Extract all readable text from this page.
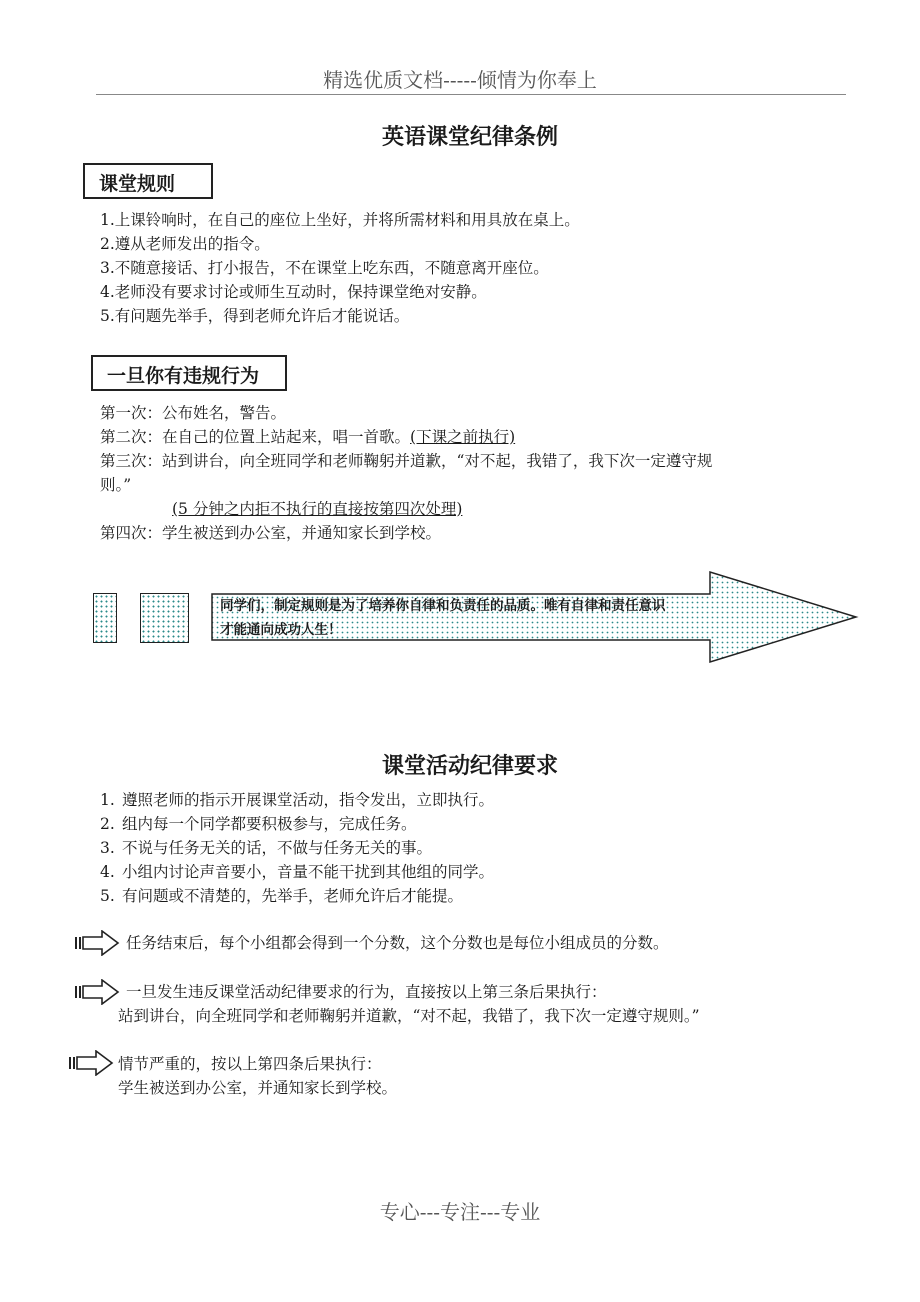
精选优质文档-----倾情为你奉上
英语课堂纪律条例
课堂规则
1.上课铃响时，在自己的座位上坐好，并将所需材料和用具放在桌上。
2.遵从老师发出的指令。
3.不随意接话、打小报告，不在课堂上吃东西，不随意离开座位。
4.老师没有要求讨论或师生互动时，保持课堂绝对安静。
5.有问题先举手，得到老师允许后才能说话。
一旦你有违规行为
第一次：公布姓名，警告。
第二次：在自己的位置上站起来，唱一首歌。(下课之前执行)
第三次：站到讲台，向全班同学和老师鞠躬并道歉，“对不起，我错了，我下次一定遵守规
则。”
(5 分钟之内拒不执行的直接按第四次处理)
第四次：学生被送到办公室，并通知家长到学校。
同学们，制定规则是为了培养你自律和负责任的品质。唯有自律和责任意识
才能通向成功人生！
课堂活动纪律要求
1. 遵照老师的指示开展课堂活动，指令发出，立即执行。
2. 组内每一个同学都要积极参与，完成任务。
3. 不说与任务无关的话，不做与任务无关的事。
4. 小组内讨论声音要小，音量不能干扰到其他组的同学。
5. 有问题或不清楚的，先举手，老师允许后才能提。
任务结束后，每个小组都会得到一个分数，这个分数也是每位小组成员的分数。
一旦发生违反课堂活动纪律要求的行为，直接按以上第三条后果执行：
站到讲台，向全班同学和老师鞠躬并道歉，“对不起，我错了，我下次一定遵守规则。”
情节严重的，按以上第四条后果执行：
学生被送到办公室，并通知家长到学校。
专心---专注---专业
